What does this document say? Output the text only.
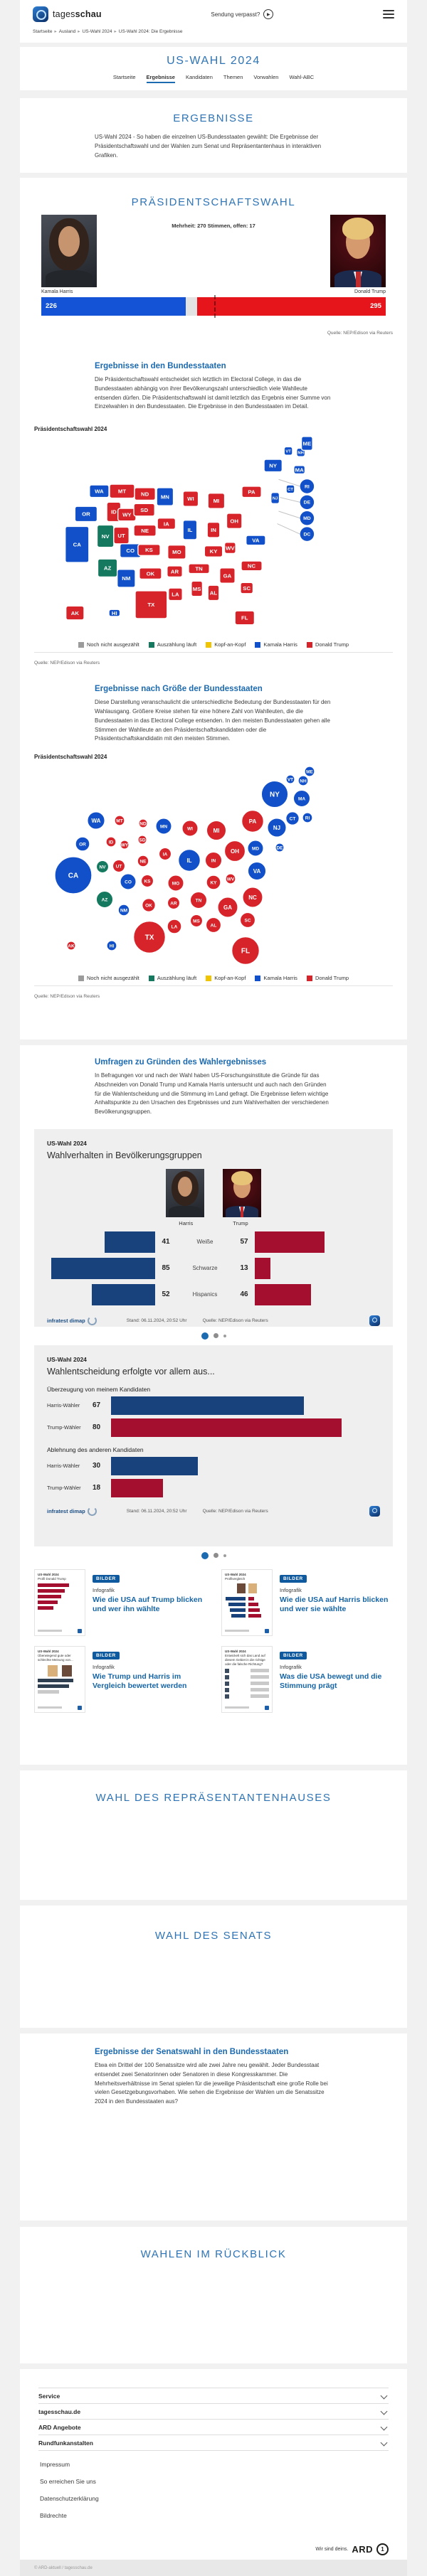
tagesschau	Sendung verpasst?	▶
Startseite ▸ Ausland ▸ US-Wahl 2024 ▸ US-Wahl 2024: Die Ergebnisse
US-WAHL 2024
Startseite Ergebnisse Kandidaten Themen Vorwahlen Wahl-ABC
ERGEBNISSE

US-Wahl 2024 - So haben die einzelnen US-Bundesstaaten gewählt: Die Ergebnisse der Präsidentschaftswahl und der Wahlen zum Senat und Repräsentantenhaus in interaktiven Grafiken.

PRÄSIDENTSCHAFTSWAHL
Mehrheit: 270 Stimmen, offen: 17
Kamala Harris	Donald Trump
226	295
Quelle: NEP/Edison via Reuters
Ergebnisse in den Bundesstaaten

Die Präsidentschaftswahl entscheidet sich letztlich im Electoral College, in das die Bundesstaaten abhängig von ihrer Bevölkerungszahl unterschiedlich viele Wahlleute entsenden dürfen. Die Präsidentschaftswahl ist damit letztlich das Ergebnis einer Summe von Einzelwahlen in den Bundesstaaten. Die Ergebnisse in den Bundesstaaten im Detail.

Präsidentschaftswahl 2024
WA
OR
CA
NV
ID
MT
WY
UT
AZ
NM
CO
ND
SD
NE
KS
OK
TX
MN
IA
MO
AR
LA
WI
IL
MS
MI
IN
KY
TN
AL
OH
WV
GA
FL
SC
NC
VA
PA
MD
DE
NJ
NY
CT
RI
MA
VT NH
ME
AK	HI
DC
Noch nicht ausgezählt	Auszählung läuft	Kopf-an-Kopf	Kamala Harris	Donald Trump
Quelle: NEP/Edison via Reuters
Ergebnisse nach Größe der Bundesstaaten

Diese Darstellung veranschaulicht die unterschiedliche Bedeutung der Bundesstaaten für den Wahlausgang. Größere Kreise stehen für eine höhere Zahl von Wahlleuten, die die Bundesstaaten in das Electoral College entsenden. In den meisten Bundesstaaten gehen alle Stimmen der Wahlleute an den Präsidentschaftskandidaten oder die Präsidentschaftskandidatin mit den meisten Stimmen.

Präsidentschaftswahl 2024
WA
OR
CA
NV
ID
MT
WY
UT
AZ
NM
CO
ND
SD
NE
KS
OK
TX
MN
IA
MO
AR
LA
WI
IL
MS
MI
IN
KY
TN
AL
OH
WV
GA
FL
SC
NC
VA
PA
MD	DE
NJ
NY
CT RI
MA
VT NH
ME
AK	HI
Noch nicht ausgezählt	Auszählung läuft	Kopf-an-Kopf	Kamala Harris	Donald Trump
Quelle: NEP/Edison via Reuters
Umfragen zu Gründen des Wahlergebnisses

In Befragungen vor und nach der Wahl haben US-Forschungsinstitute die Gründe für das Abschneiden von Donald Trump und Kamala Harris untersucht und auch nach den Gründen für die Wahlentscheidung und die Stimmung im Land gefragt. Die Ergebnisse liefern wichtige Anhaltspunkte zu den Ursachen des Ergebnisses und zum Wahlverhalten der verschiedenen Bevölkerungsgruppen.

US-Wahl 2024
Wahlverhalten in Bevölkerungsgruppen
Harris	Trump
41	Weiße	57
85	Schwarze	13
52	Hispanics	46
infratest dimap	Stand: 06.11.2024, 20:52 Uhr	Quelle: NEP/Edison via Reuters
US-Wahl 2024
Wahlentscheidung erfolgte vor allem aus...
Überzeugung von meinem Kandidaten
Harris-Wähler	67
Trump-Wähler	80
Ablehnung des anderen Kandidaten
Harris-Wähler	30
Trump-Wähler	18
infratest dimap	Stand: 06.11.2024, 20:52 Uhr	Quelle: NEP/Edison via Reuters
US-Wahl 2024
Profil Donald Trump	BILDER
Infografik
Wie die USA auf Trump blicken und wer ihn wählte
US-Wahl 2024
Profilvergleich	BILDER
Infografik
Wie die USA auf Harris blicken und wer sie wählte
US-Wahl 2024
Überwiegend gute oder schlechte Meinung von...
BILDER
Infografik
Wie Trump und Harris im Vergleich bewertet werden
US-Wahl 2024
Entwickelt sich das Land auf diesem Gebiet in die richtige oder die falsche Richtung?
BILDER
Infografik
Was die USA bewegt und die Stimmung prägt
WAHL DES REPRÄSENTANTENHAUSES
WAHL DES SENATS
Ergebnisse der Senatswahl in den Bundesstaaten

Etwa ein Drittel der 100 Senatssitze wird alle zwei Jahre neu gewählt. Jeder Bundesstaat entsendet zwei Senatorinnen oder Senatoren in diese Kongresskammer. Die Mehrheitsverhältnisse im Senat spielen für die jeweilige Präsidentschaft eine große Rolle bei vielen Gesetzgebungsvorhaben. Wie sehen die Ergebnisse der Wahlen um die Senatssitze 2024 in den Bundesstaaten aus?

WAHLEN IM RÜCKBLICK
Service
tagesschau.de
ARD Angebote
Rundfunkanstalten
Impressum
So erreichen Sie uns
Datenschutzerklärung
Bildrechte
Wir sind deins. ARD	1
© ARD-aktuell / tagesschau.de
